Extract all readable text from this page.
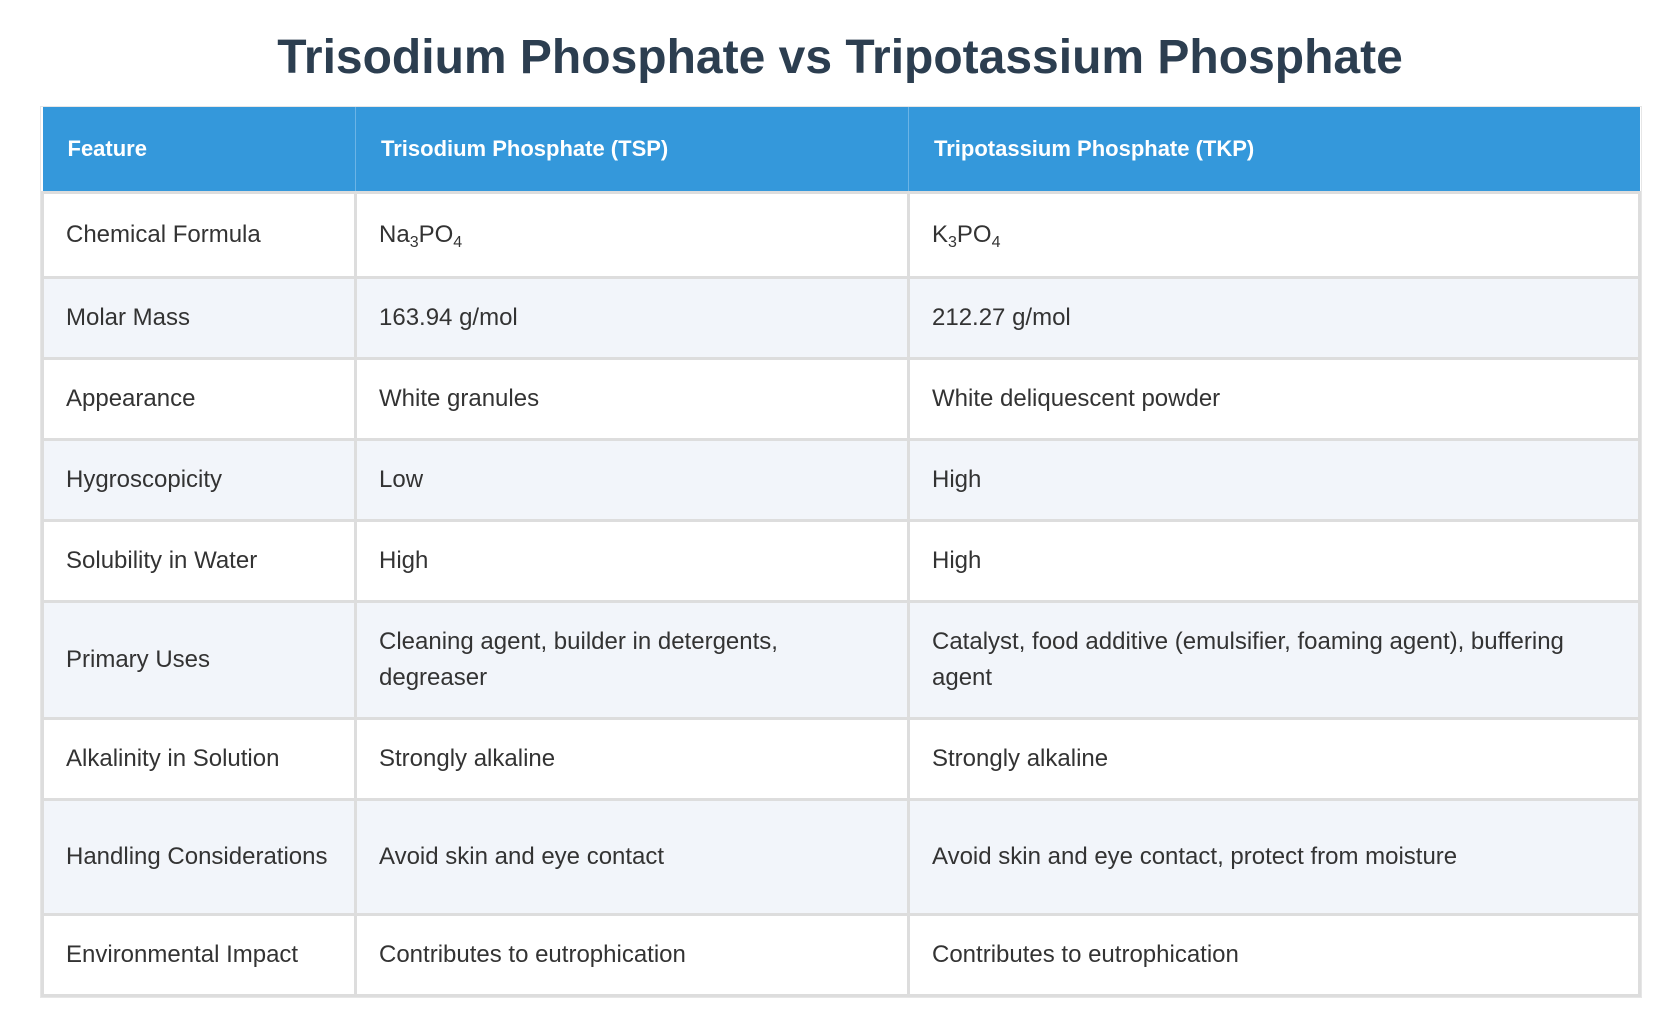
Trisodium Phosphate vs Tripotassium Phosphate
Feature	Trisodium Phosphate (TSP)	Tripotassium Phosphate (TKP)
Chemical Formula	$Na_3PO_4$	$K_3PO_4$
Molar Mass	163.94 g/mol	212.27 g/mol
Appearance	White granules	White deliquescent powder
Hygroscopicity	Low	High
Solubility in Water	High	High
Primary Uses	Cleaning agent, builder in detergents, degreaser	Catalyst, food additive (emulsifier, foaming agent), buffering agent
Alkalinity in Solution	Strongly alkaline	Strongly alkaline
Handling Considerations	Avoid skin and eye contact	Avoid skin and eye contact, protect from moisture
Environmental Impact	Contributes to eutrophication	Contributes to eutrophication
